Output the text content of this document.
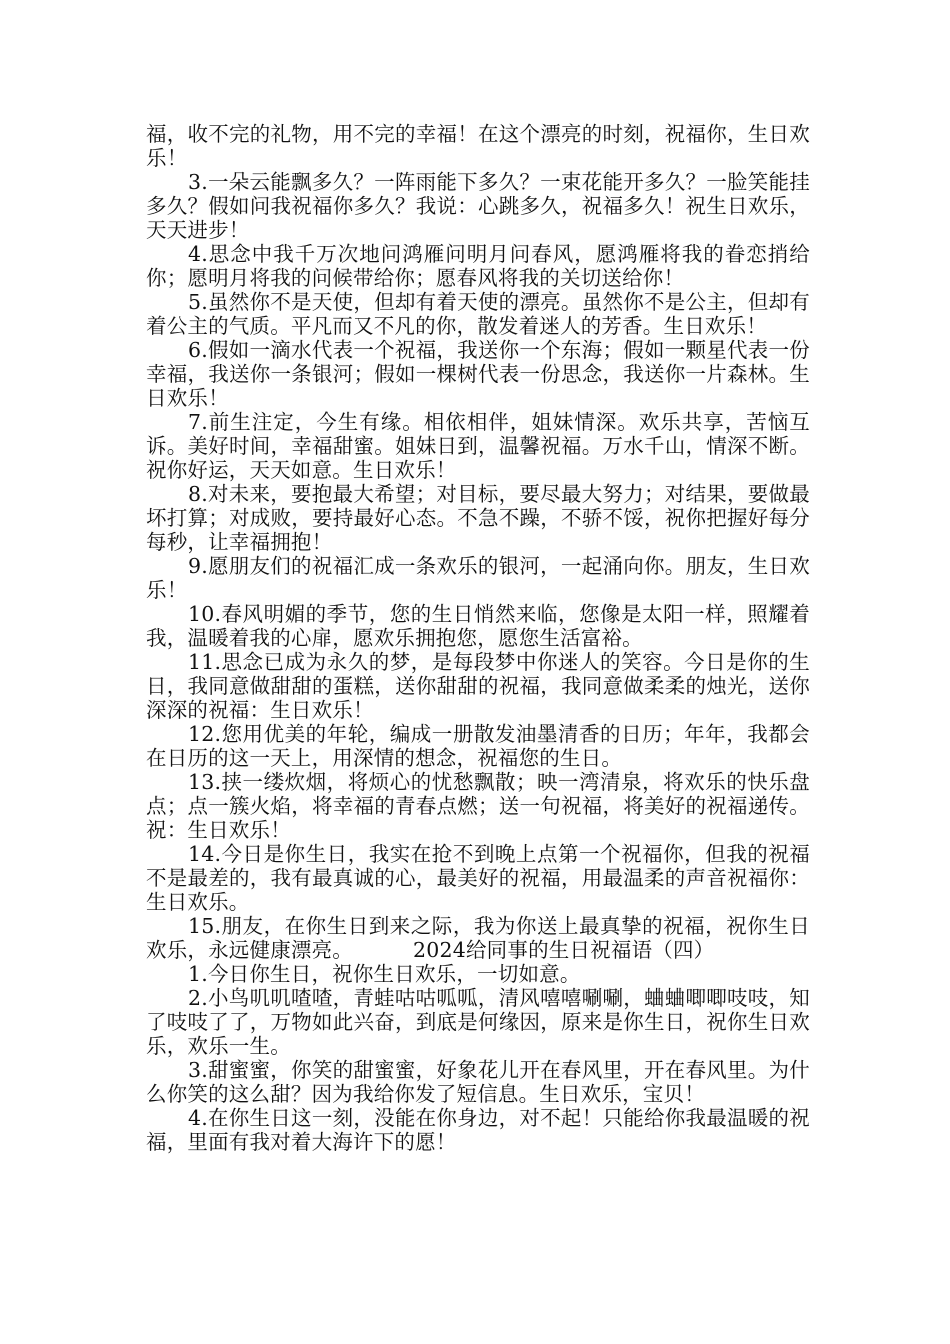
福，收不完的礼物，用不完的幸福！在这个漂亮的时刻，祝福你，生日欢乐！

3.一朵云能飘多久？一阵雨能下多久？一束花能开多久？一脸笑能挂多久？假如问我祝福你多久？我说：心跳多久，祝福多久！祝生日欢乐，天天进步！

4.思念中我千万次地问鸿雁问明月问春风，愿鸿雁将我的眷恋捎给你；愿明月将我的问候带给你；愿春风将我的关切送给你！

5.虽然你不是天使，但却有着天使的漂亮。虽然你不是公主，但却有着公主的气质。平凡而又不凡的你，散发着迷人的芳香。生日欢乐！

6.假如一滴水代表一个祝福，我送你一个东海；假如一颗星代表一份幸福，我送你一条银河；假如一棵树代表一份思念，我送你一片森林。生日欢乐！

7.前生注定，今生有缘。相依相伴，姐妹情深。欢乐共享，苦恼互诉。美好时间，幸福甜蜜。姐妹日到，温馨祝福。万水千山，情深不断。祝你好运，天天如意。生日欢乐！

8.对未来，要抱最大希望；对目标，要尽最大努力；对结果，要做最坏打算；对成败，要持最好心态。不急不躁，不骄不馁，祝你把握好每分每秒，让幸福拥抱！

9.愿朋友们的祝福汇成一条欢乐的银河，一起涌向你。朋友，生日欢乐！

10.春风明媚的季节，您的生日悄然来临，您像是太阳一样，照耀着我，温暖着我的心扉，愿欢乐拥抱您，愿您生活富裕。

11.思念已成为永久的梦，是每段梦中你迷人的笑容。今日是你的生日，我同意做甜甜的蛋糕，送你甜甜的祝福，我同意做柔柔的烛光，送你深深的祝福：生日欢乐！

12.您用优美的年轮，编成一册散发油墨清香的日历；年年，我都会在日历的这一天上，用深情的想念，祝福您的生日。

13.挟一缕炊烟，将烦心的忧愁飘散；映一湾清泉，将欢乐的快乐盘点；点一簇火焰，将幸福的青春点燃；送一句祝福，将美好的祝福递传。祝：生日欢乐！

14.今日是你生日，我实在抢不到晚上点第一个祝福你，但我的祝福不是最差的，我有最真诚的心，最美好的祝福，用最温柔的声音祝福你：生日欢乐。

15.朋友，在你生日到来之际，我为你送上最真挚的祝福，祝你生日欢乐，永远健康漂亮。	2024给同事的生日祝福语（四）

1.今日你生日，祝你生日欢乐，一切如意。

2.小鸟叽叽喳喳，青蛙咕咕呱呱，清风嘻嘻唰唰，蛐蛐唧唧吱吱，知了吱吱了了，万物如此兴奋，到底是何缘因，原来是你生日，祝你生日欢乐，欢乐一生。

3.甜蜜蜜，你笑的甜蜜蜜，好象花儿开在春风里，开在春风里。为什么你笑的这么甜？因为我给你发了短信息。生日欢乐，宝贝！

4.在你生日这一刻，没能在你身边，对不起！只能给你我最温暖的祝福，里面有我对着大海许下的愿！
